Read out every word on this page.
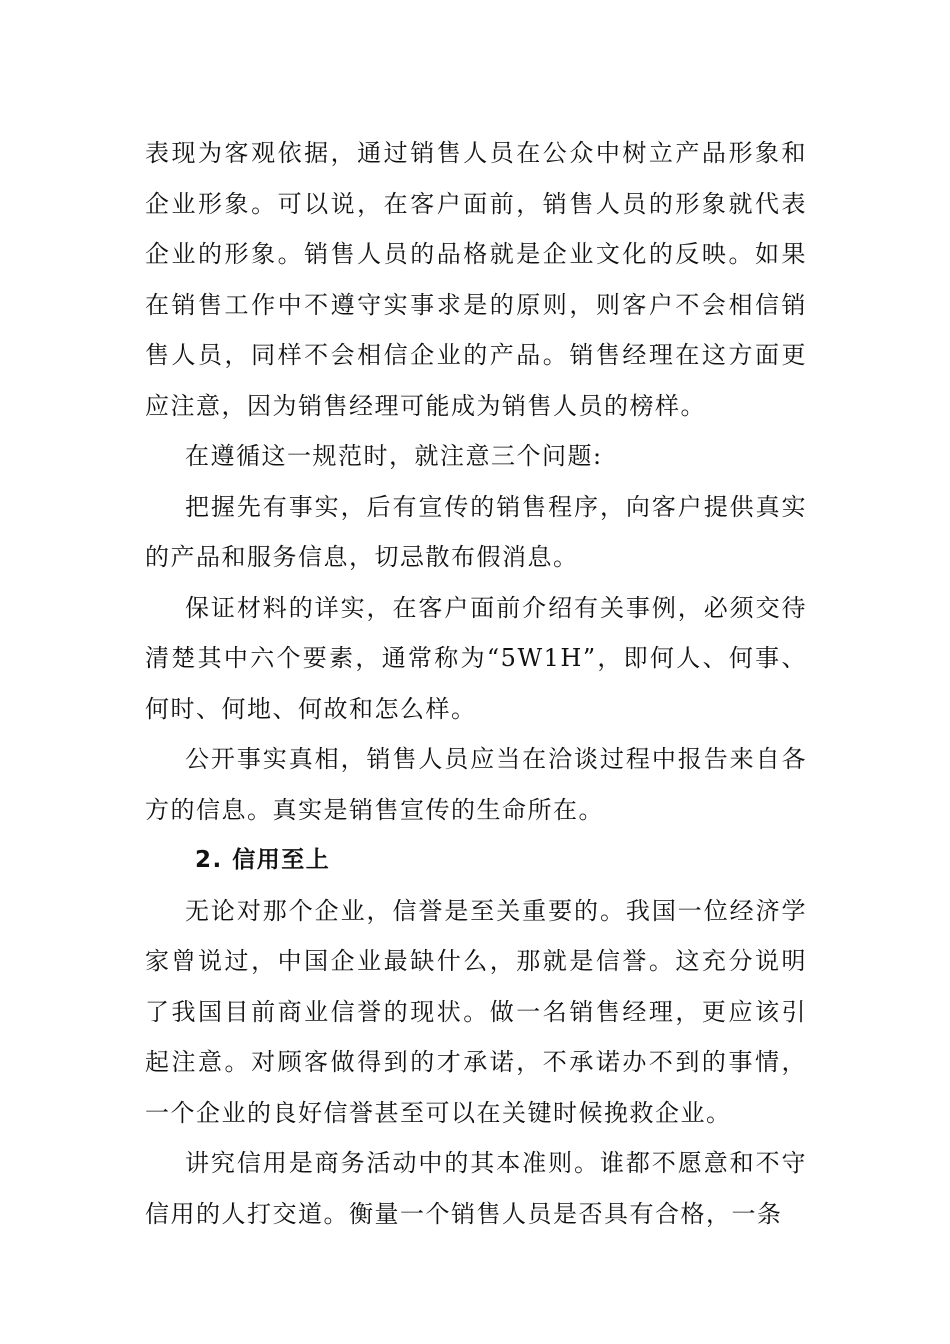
表现为客观依据，通过销售人员在公众中树立产品形象和企业形象。可以说，在客户面前，销售人员的形象就代表企业的形象。销售人员的品格就是企业文化的反映。如果在销售工作中不遵守实事求是的原则，则客户不会相信销售人员，同样不会相信企业的产品。销售经理在这方面更应注意，因为销售经理可能成为销售人员的榜样。

在遵循这一规范时，就注意三个问题:

把握先有事实，后有宣传的销售程序，向客户提供真实的产品和服务信息，切忌散布假消息。

保证材料的详实，在客户面前介绍有关事例，必须交待清楚其中六个要素，通常称为“5W1H”，即何人、何事、何时、何地、何故和怎么样。

公开事实真相，销售人员应当在洽谈过程中报告来自各方的信息。真实是销售宣传的生命所在。

2. 信用至上

无论对那个企业，信誉是至关重要的。我国一位经济学家曾说过，中国企业最缺什么，那就是信誉。这充分说明了我国目前商业信誉的现状。做一名销售经理，更应该引起注意。对顾客做得到的才承诺，不承诺办不到的事情，一个企业的良好信誉甚至可以在关键时候挽救企业。

讲究信用是商务活动中的其本准则。谁都不愿意和不守信用的人打交道。衡量一个销售人员是否具有合格，一条
